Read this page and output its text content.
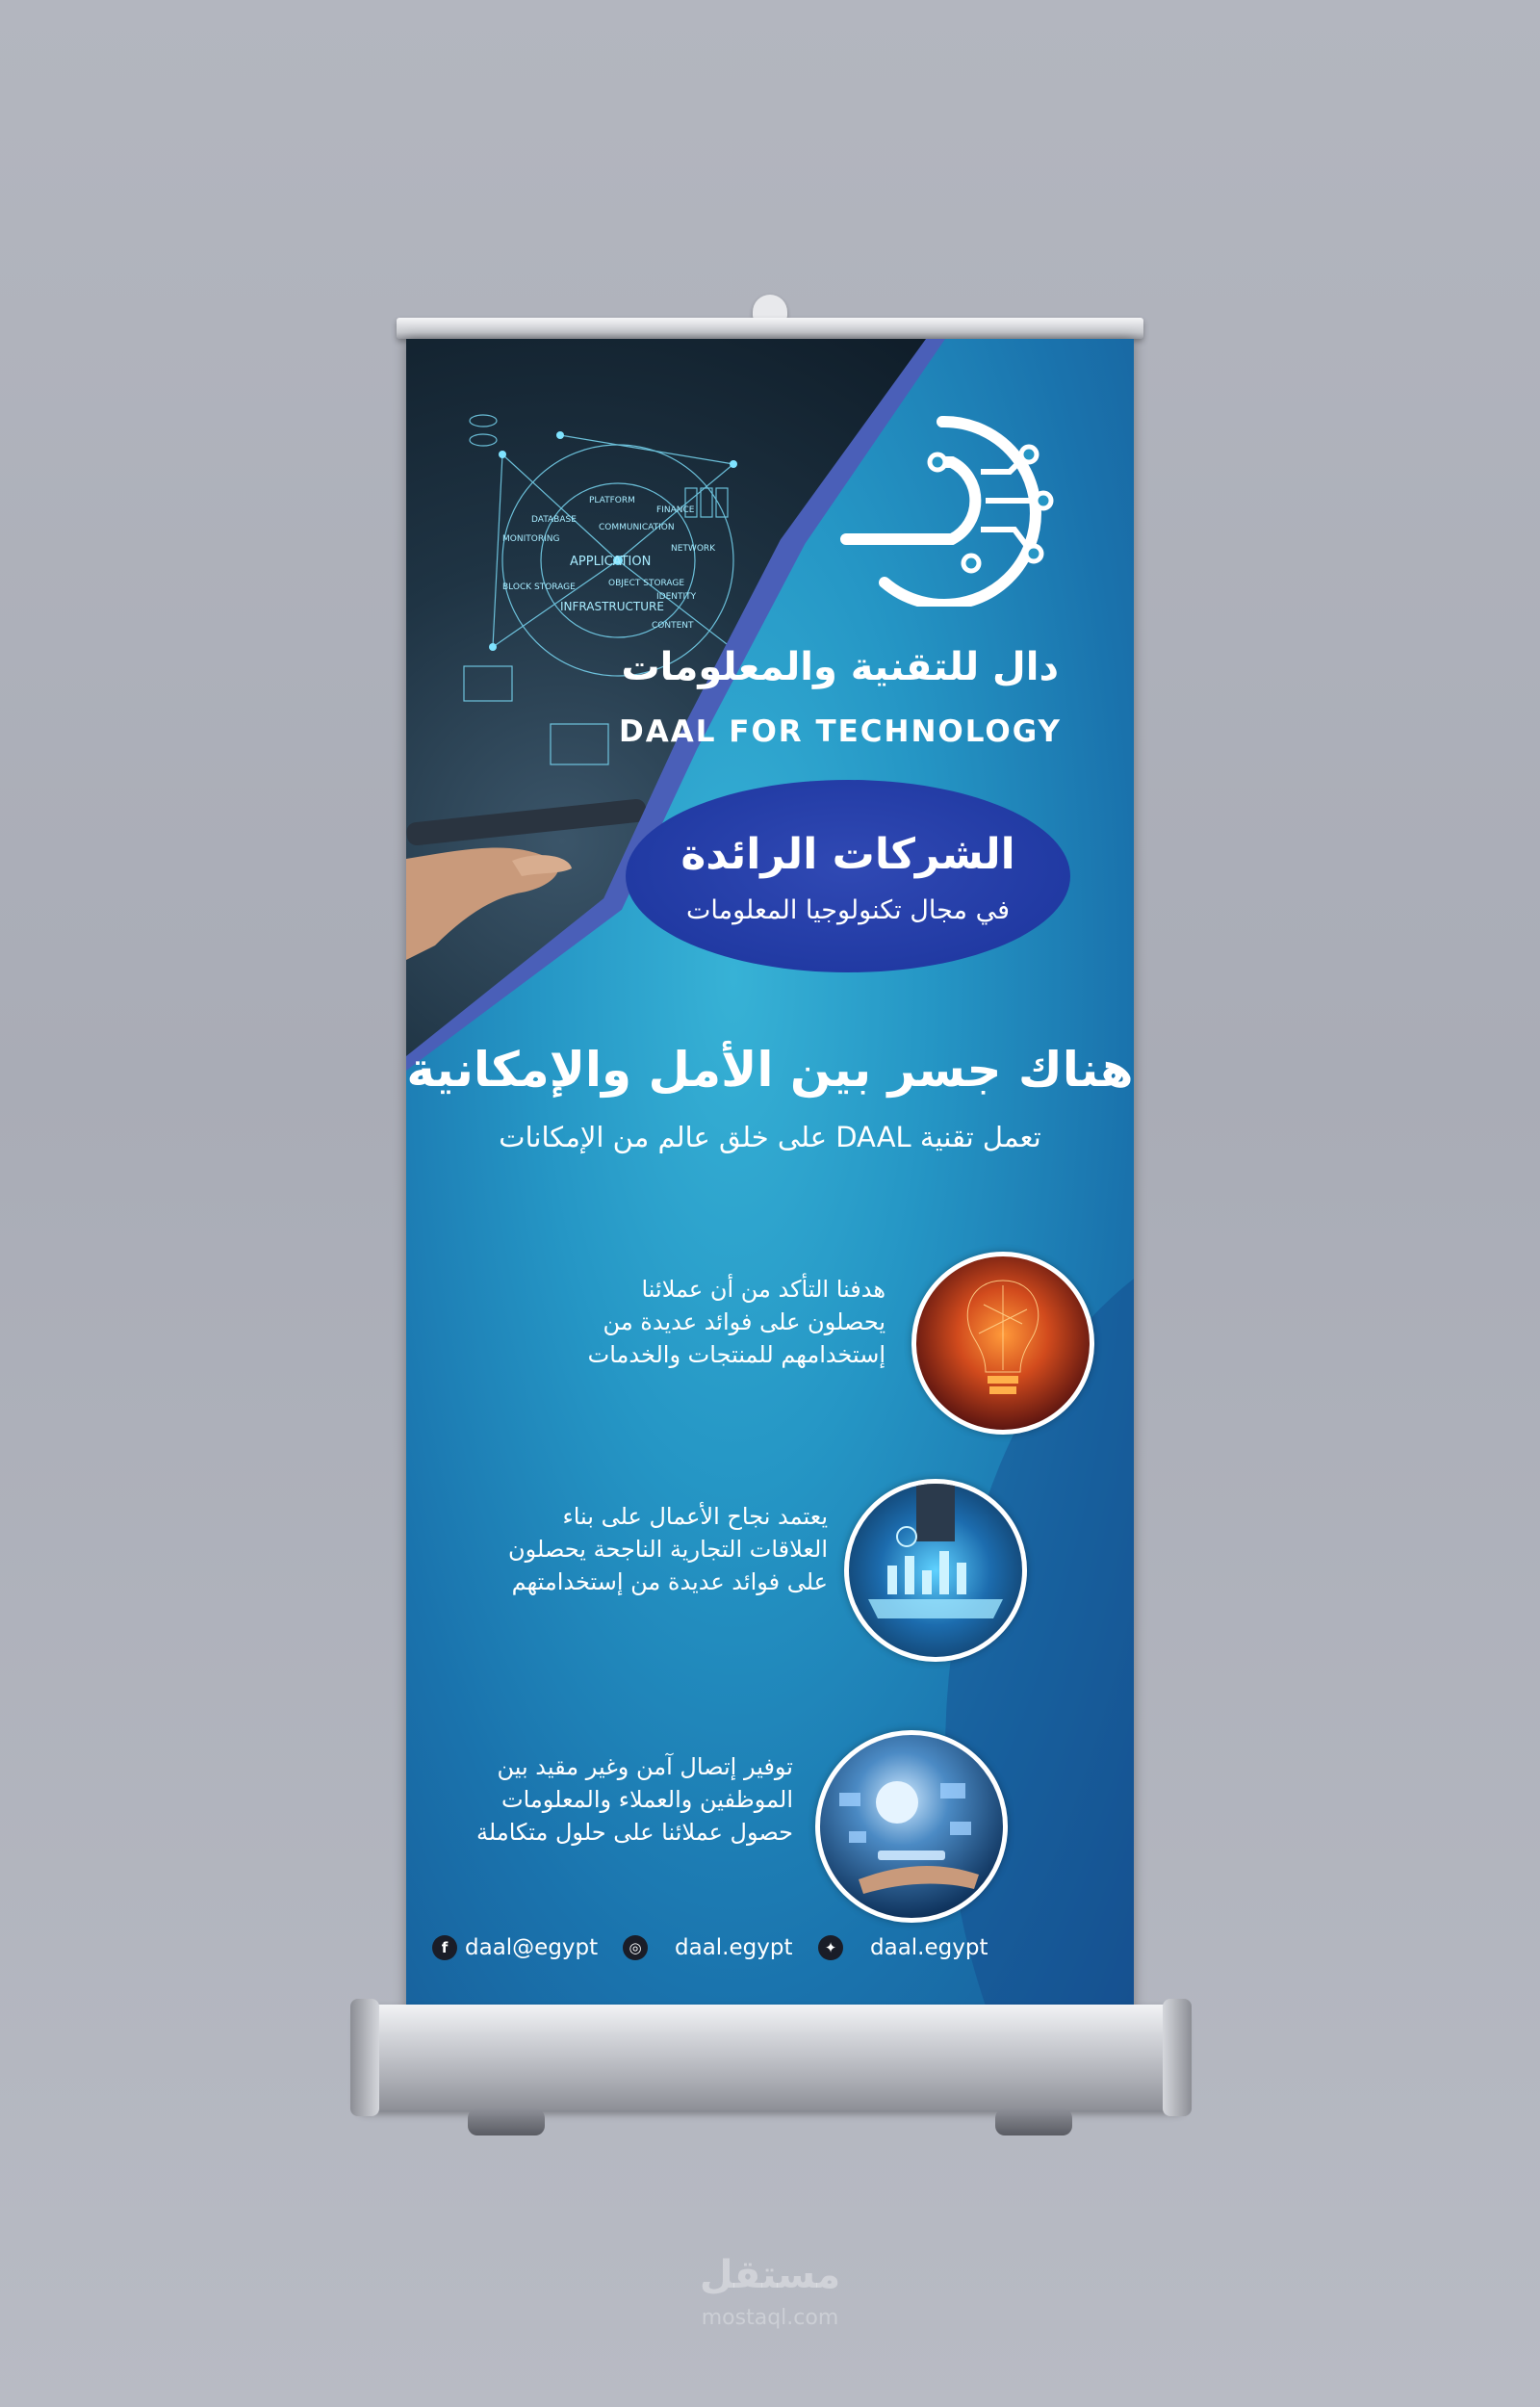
PLATFORM
APPLICATION
INFRASTRUCTURE
COMMUNICATION
OBJECT STORAGE
MONITORING
DATABASE
IDENTITY
BLOCK STORAGE
NETWORK
FINANCE
CONTENT
دال للتقنية والمعلومات
DAAL FOR TECHNOLOGY
الشركات الرائدة
في مجال تكنولوجيا المعلومات
هناك جسر بين الأمل والإمكانية
تعمل تقنية DAAL على خلق عالم من الإمكانات
هدفنا التأكد من أن عملائنا
يحصلون على فوائد عديدة من
إستخدامهم للمنتجات والخدمات
يعتمد نجاح الأعمال على بناء
العلاقات التجارية الناجحة يحصلون
على فوائد عديدة من إستخدامتهم
توفير إتصال آمن وغير مقيد بين
الموظفين والعملاء والمعلومات
حصول عملائنا على حلول متكاملة
f daal@egypt	◎ daal.egypt	✦ daal.egypt
مستقل
mostaql.com
